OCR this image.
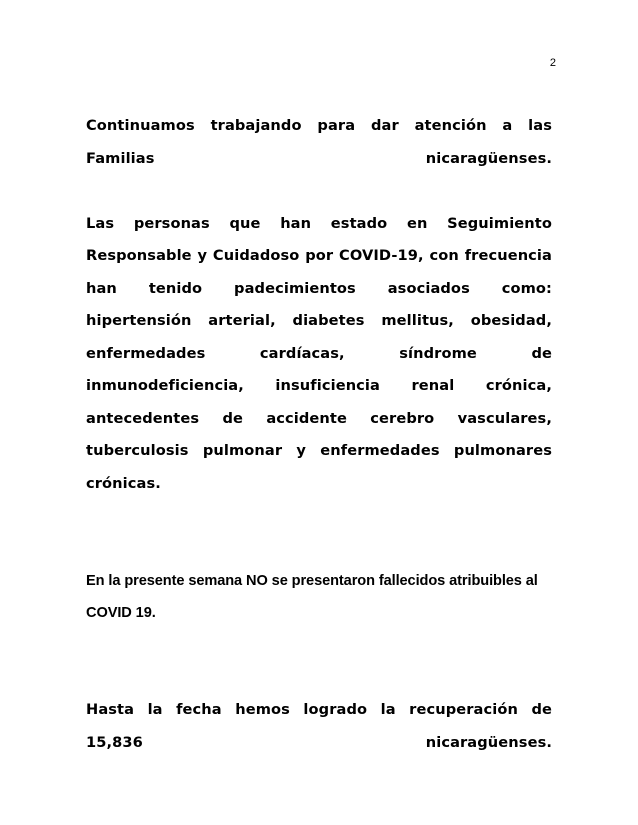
2

Continuamos trabajando para dar atención a las Familias nicaragüenses.

Las personas que han estado en Seguimiento Responsable y Cuidadoso por COVID-19, con frecuencia han tenido padecimientos asociados como: hipertensión arterial, diabetes mellitus, obesidad, enfermedades cardíacas, síndrome de inmunodeficiencia, insuficiencia renal crónica, antecedentes de accidente cerebro vasculares, tuberculosis pulmonar y enfermedades pulmonares crónicas.

En la presente semana NO se presentaron fallecidos atribuibles al COVID 19.

Hasta la fecha hemos logrado la recuperación de 15,836 nicaragüenses.
